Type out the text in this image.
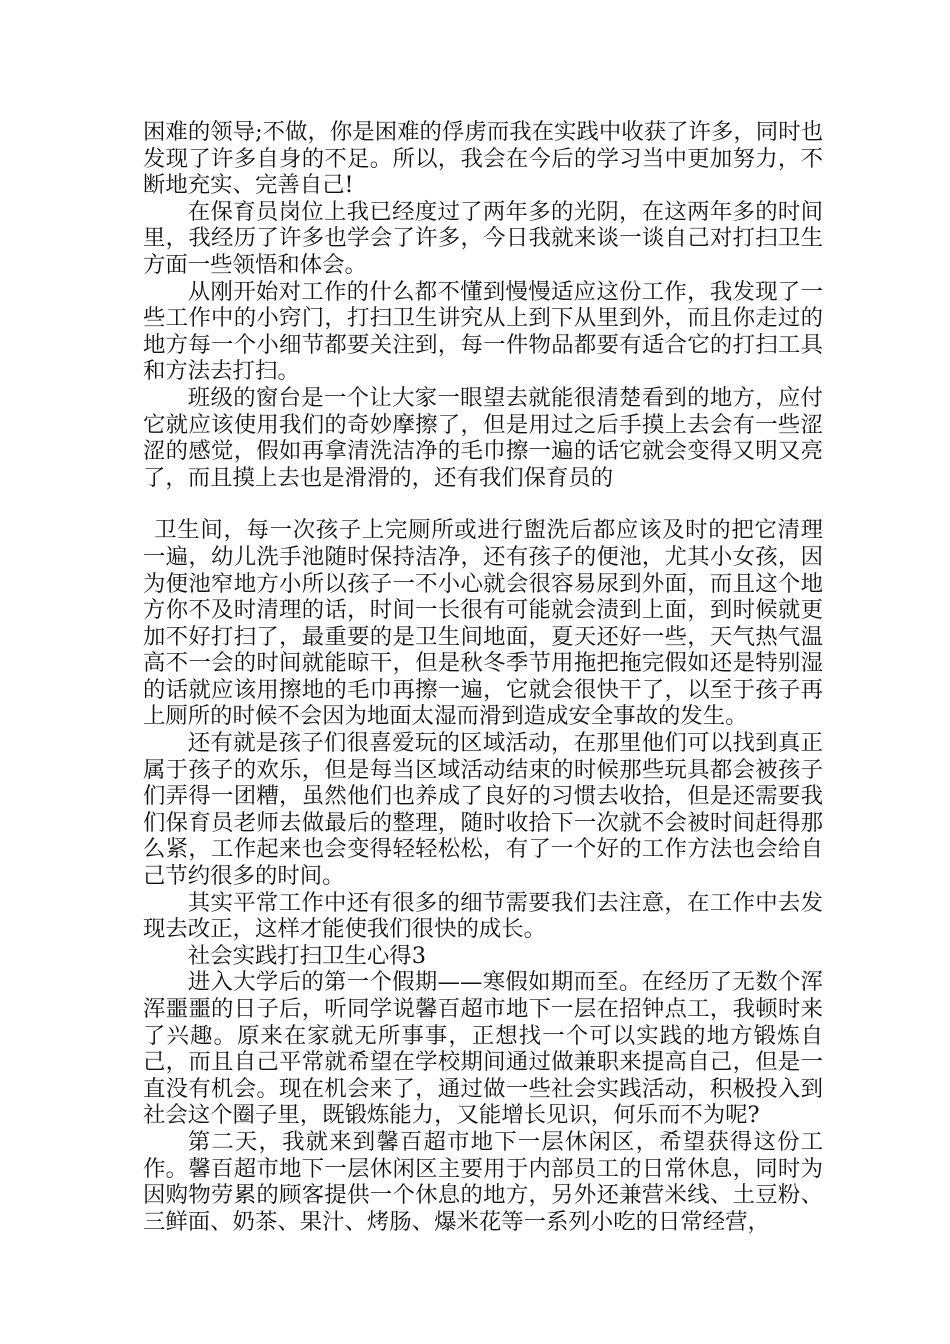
困难的领导;不做，你是困难的俘虏而我在实践中收获了许多，同时也发现了许多自身的不足。所以，我会在今后的学习当中更加努力，不断地充实、完善自己!

在保育员岗位上我已经度过了两年多的光阴，在这两年多的时间里，我经历了许多也学会了许多，今日我就来谈一谈自己对打扫卫生方面一些领悟和体会。

从刚开始对工作的什么都不懂到慢慢适应这份工作，我发现了一些工作中的小窍门，打扫卫生讲究从上到下从里到外，而且你走过的地方每一个小细节都要关注到，每一件物品都要有适合它的打扫工具和方法去打扫。

班级的窗台是一个让大家一眼望去就能很清楚看到的地方，应付它就应该使用我们的奇妙摩擦了，但是用过之后手摸上去会有一些涩涩的感觉，假如再拿清洗洁净的毛巾擦一遍的话它就会变得又明又亮了，而且摸上去也是滑滑的，还有我们保育员的

卫生间，每一次孩子上完厕所或进行盥洗后都应该及时的把它清理一遍，幼儿洗手池随时保持洁净，还有孩子的便池，尤其小女孩，因为便池窄地方小所以孩子一不小心就会很容易尿到外面，而且这个地方你不及时清理的话，时间一长很有可能就会渍到上面，到时候就更加不好打扫了，最重要的是卫生间地面，夏天还好一些，天气热气温高不一会的时间就能晾干，但是秋冬季节用拖把拖完假如还是特别湿的话就应该用擦地的毛巾再擦一遍，它就会很快干了，以至于孩子再上厕所的时候不会因为地面太湿而滑到造成安全事故的发生。

还有就是孩子们很喜爱玩的区域活动，在那里他们可以找到真正属于孩子的欢乐，但是每当区域活动结束的时候那些玩具都会被孩子们弄得一团糟，虽然他们也养成了良好的习惯去收拾，但是还需要我们保育员老师去做最后的整理，随时收拾下一次就不会被时间赶得那么紧，工作起来也会变得轻轻松松，有了一个好的工作方法也会给自己节约很多的时间。

其实平常工作中还有很多的细节需要我们去注意，在工作中去发现去改正，这样才能使我们很快的成长。

社会实践打扫卫生心得3

进入大学后的第一个假期——寒假如期而至。在经历了无数个浑浑噩噩的日子后，听同学说馨百超市地下一层在招钟点工，我顿时来了兴趣。原来在家就无所事事，正想找一个可以实践的地方锻炼自己，而且自己平常就希望在学校期间通过做兼职来提高自己，但是一直没有机会。现在机会来了，通过做一些社会实践活动，积极投入到社会这个圈子里，既锻炼能力，又能增长见识，何乐而不为呢?

第二天，我就来到馨百超市地下一层休闲区，希望获得这份工作。馨百超市地下一层休闲区主要用于内部员工的日常休息，同时为因购物劳累的顾客提供一个休息的地方，另外还兼营米线、土豆粉、三鲜面、奶茶、果汁、烤肠、爆米花等一系列小吃的日常经营，
